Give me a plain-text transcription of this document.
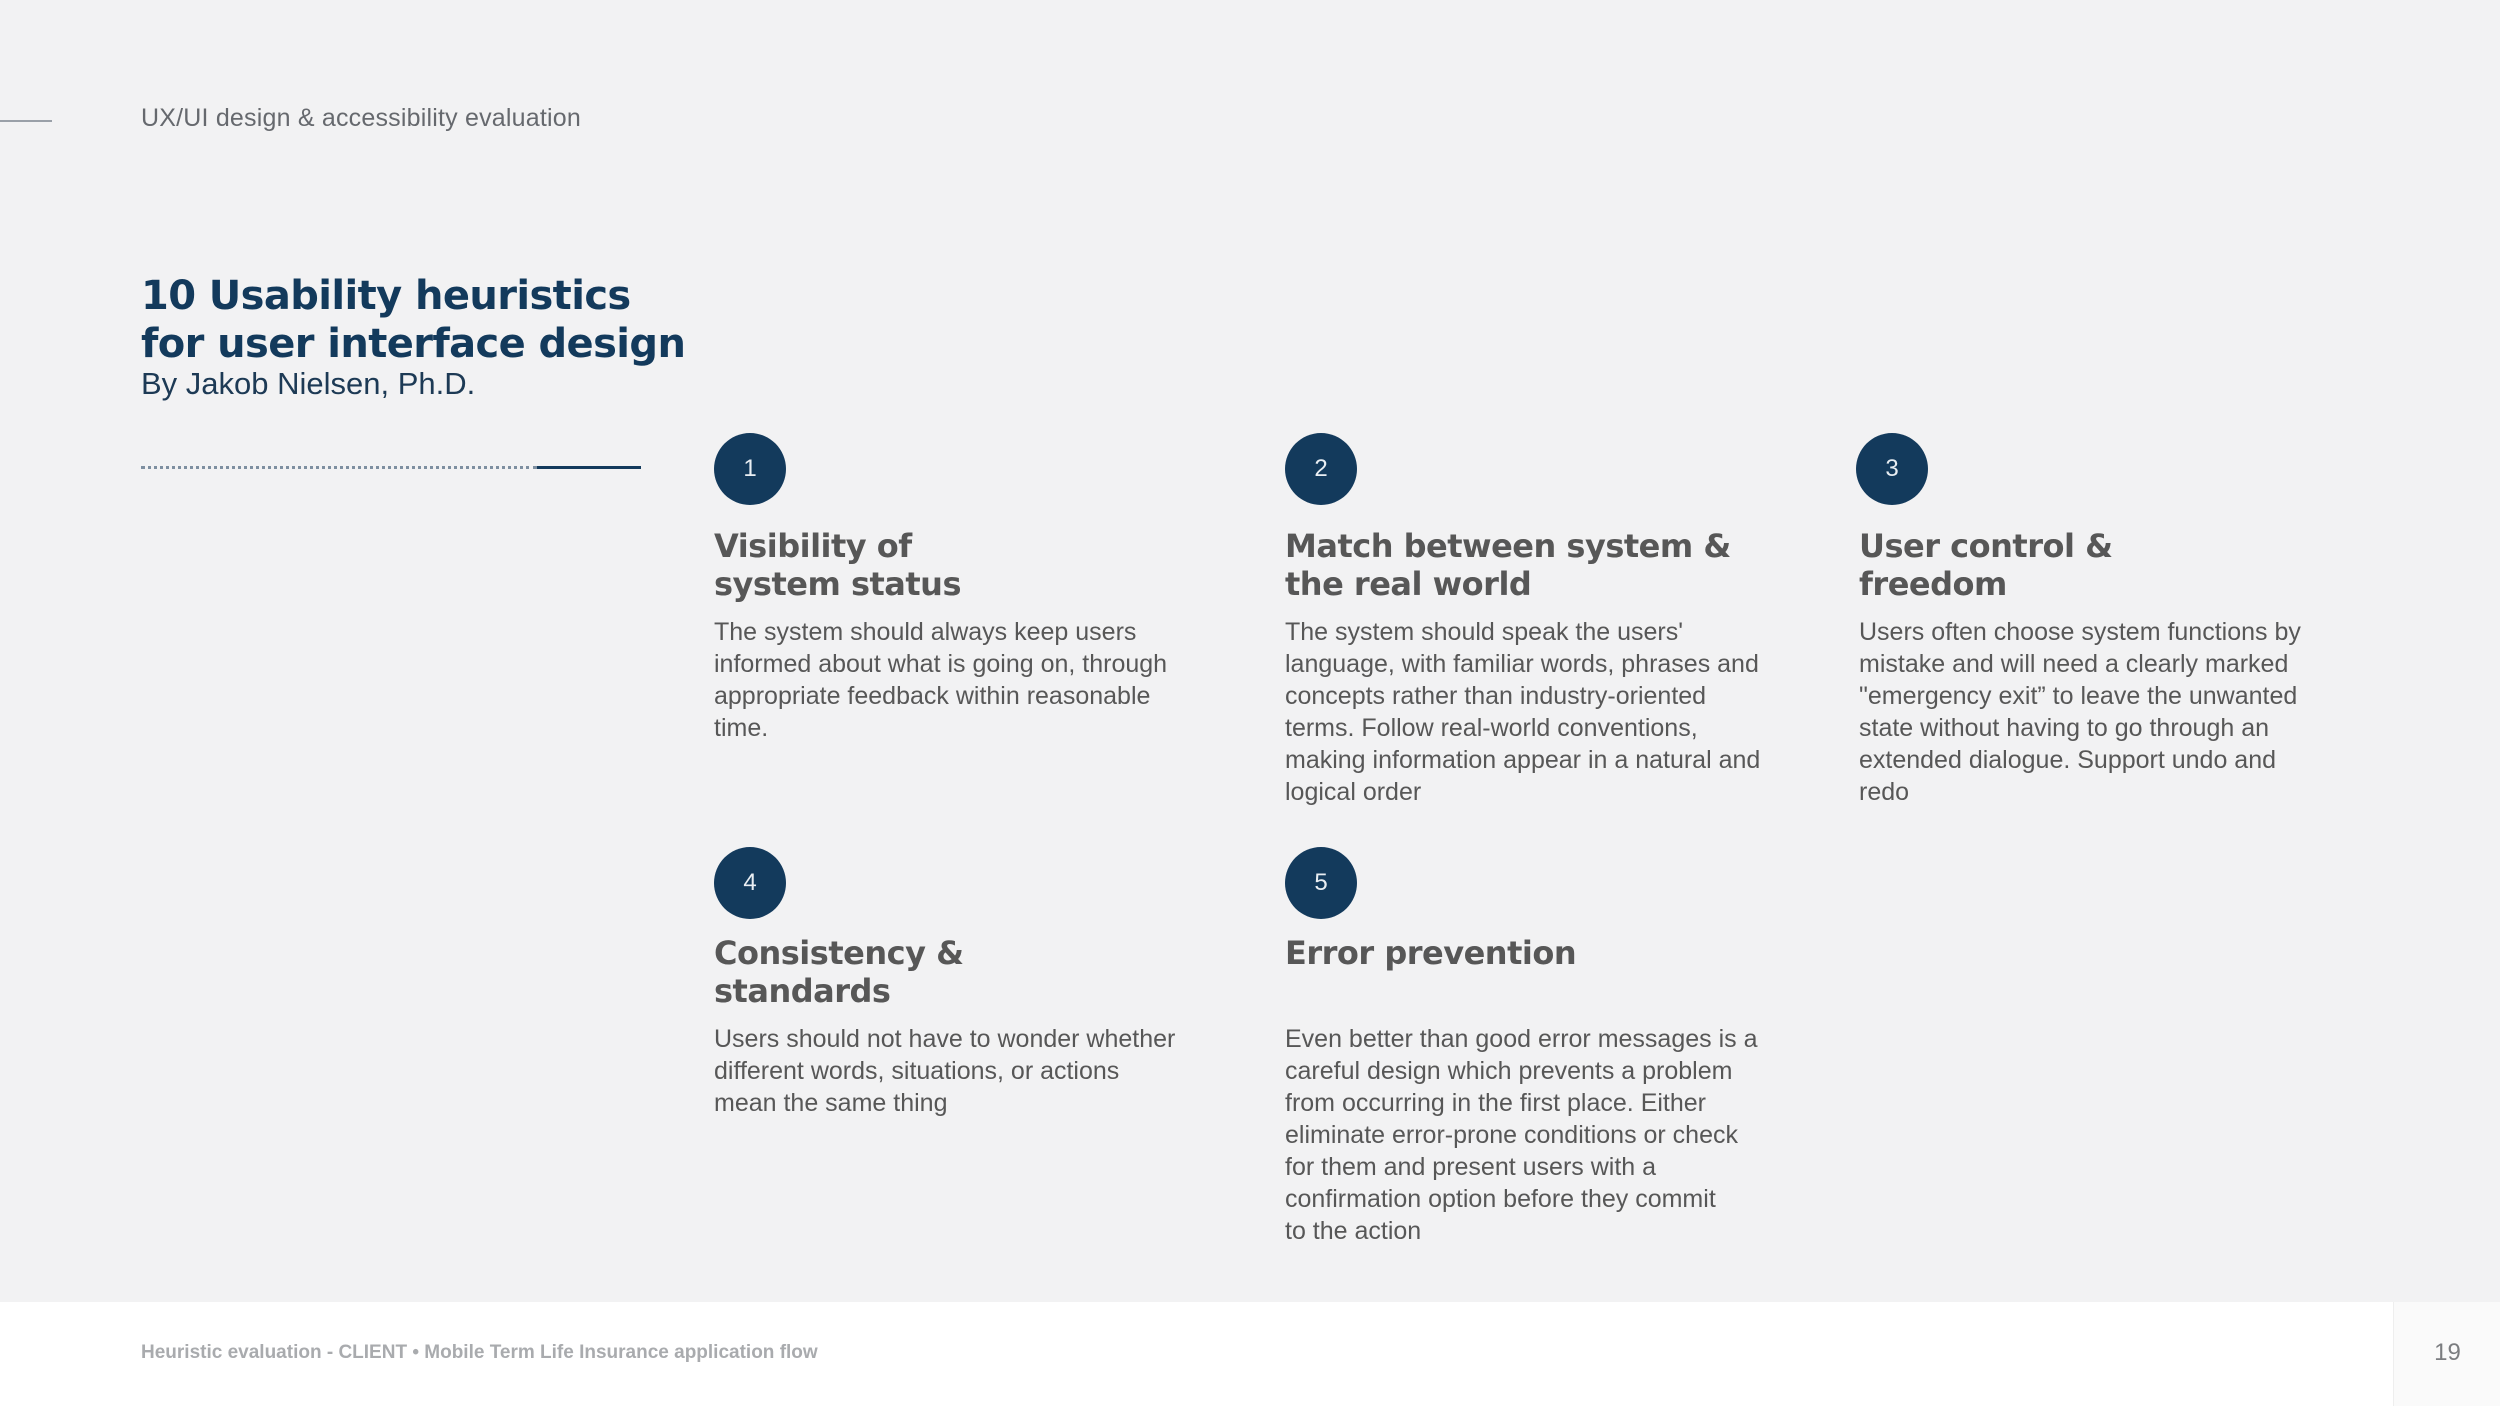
UX/UI design & accessibility evaluation
10 Usability heuristics
for user interface design
By Jakob Nielsen, Ph.D.
1
Visibility of
system status
The system should always keep users
informed about what is going on, through
appropriate feedback within reasonable
time.
2
Match between system &
the real world
The system should speak the users'
language, with familiar words, phrases and
concepts rather than industry-oriented
terms. Follow real-world conventions,
making information appear in a natural and
logical order
3
User control &
freedom
Users often choose system functions by
mistake and will need a clearly marked
"emergency exit” to leave the unwanted
state without having to go through an
extended dialogue. Support undo and
redo
4
Consistency &
standards
Users should not have to wonder whether
different words, situations, or actions
mean the same thing
5
Error prevention
Even better than good error messages is a
careful design which prevents a problem
from occurring in the first place. Either
eliminate error-prone conditions or check
for them and present users with a
confirmation option before they commit
to the action
Heuristic evaluation - CLIENT • Mobile Term Life Insurance application flow	19
